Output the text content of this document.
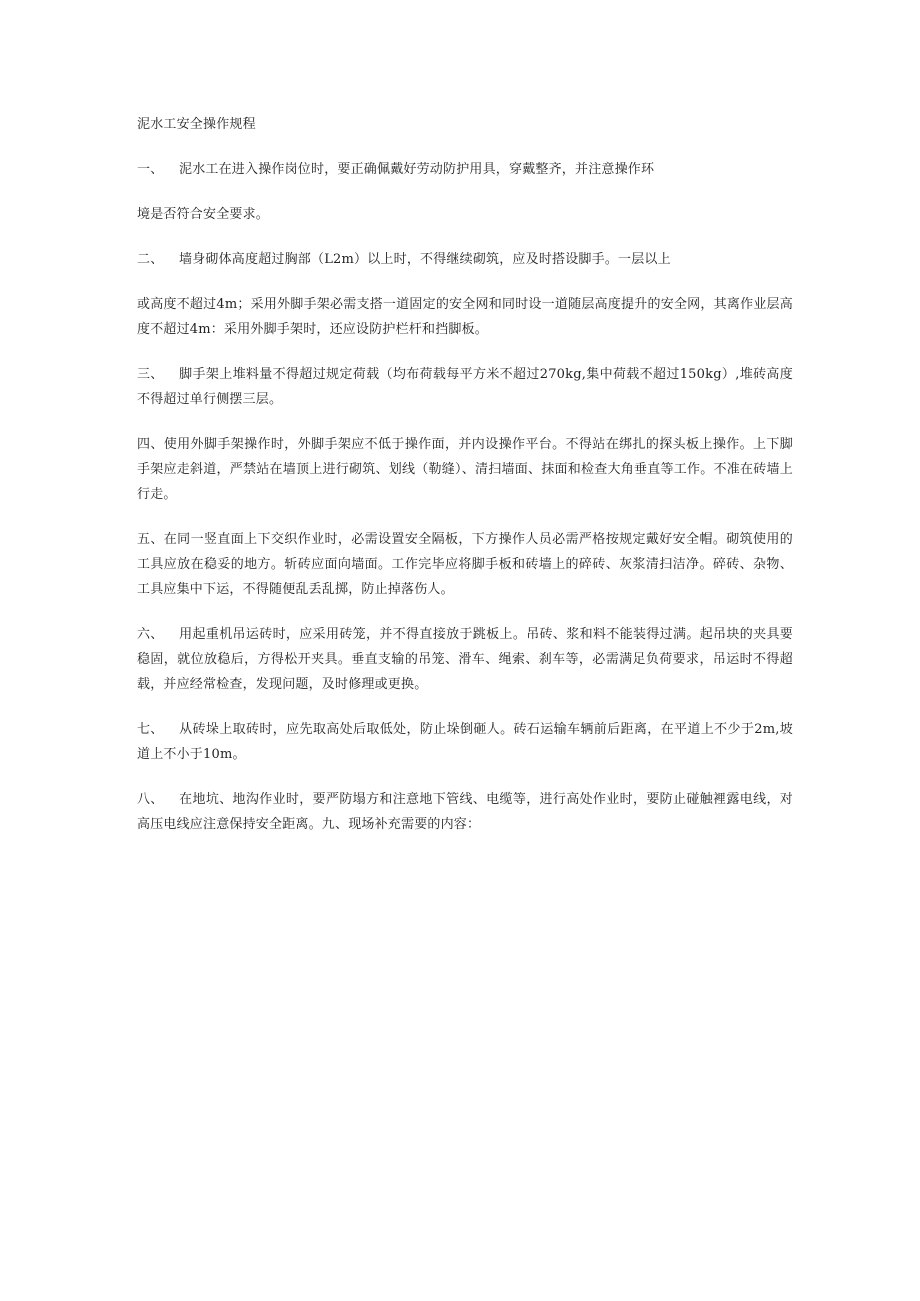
泥水工安全操作规程

一、 泥水工在进入操作岗位时，要正确佩戴好劳动防护用具，穿戴整齐，并注意操作环

境是否符合安全要求。

二、 墙身砌体高度超过胸部（L2m）以上时，不得继续砌筑，应及时搭设脚手。一层以上

或高度不超过4m；采用外脚手架必需支搭一道固定的安全网和同时设一道随层高度提升的安全网，其离作业层高度不超过4m：采用外脚手架时，还应设防护栏杆和挡脚板。

三、 脚手架上堆料量不得超过规定荷载（均布荷载每平方米不超过270kg,集中荷载不超过150kg）,堆砖高度不得超过单行侧摆三层。

四、使用外脚手架操作时，外脚手架应不低于操作面，并内设操作平台。不得站在绑扎的探头板上操作。上下脚手架应走斜道，严禁站在墙顶上进行砌筑、划线（勒缝）、清扫墙面、抹面和检查大角垂直等工作。不准在砖墙上行走。

五、在同一竖直面上下交织作业时，必需设置安全隔板，下方操作人员必需严格按规定戴好安全帽。砌筑使用的工具应放在稳妥的地方。斩砖应面向墙面。工作完毕应将脚手板和砖墙上的碎砖、灰浆清扫洁净。碎砖、杂物、工具应集中下运，不得随便乱丢乱掷，防止掉落伤人。

六、 用起重机吊运砖时，应采用砖笼，并不得直接放于跳板上。吊砖、浆和料不能装得过满。起吊块的夹具要稳固，就位放稳后，方得松开夹具。垂直支输的吊笼、滑车、绳索、刹车等，必需满足负荷要求，吊运时不得超载，并应经常检查，发现问题，及时修理或更换。

七、 从砖垛上取砖时，应先取高处后取低处，防止垛倒砸人。砖石运输车辆前后距离，在平道上不少于2m,坡道上不小于10m。

八、 在地坑、地沟作业时，要严防塌方和注意地下管线、电缆等，进行高处作业时，要防止碰触裡露电线，对高压电线应注意保持安全距离。九、现场补充需要的内容：
